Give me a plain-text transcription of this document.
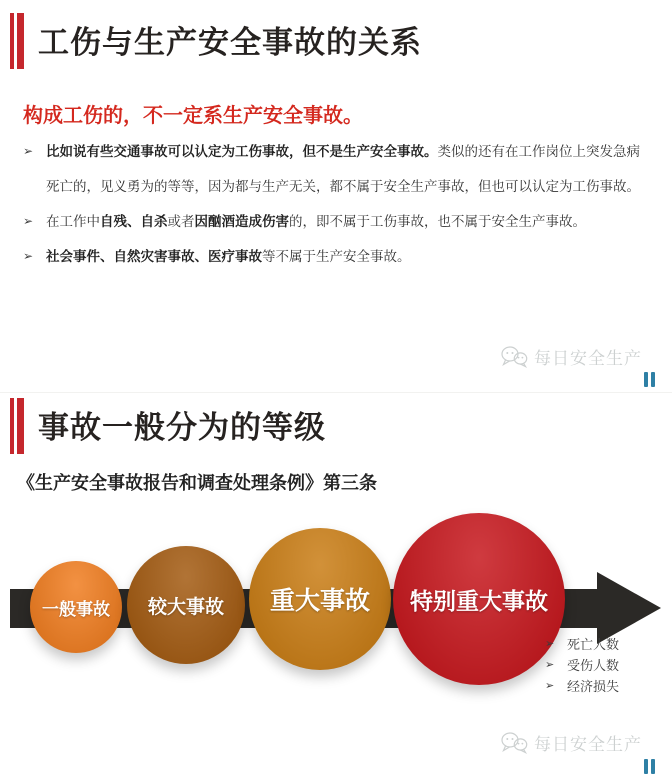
工伤与生产安全事故的关系

构成工伤的，不一定系生产安全事故。

➢ 比如说有些交通事故可以认定为工伤事故，但不是生产安全事故。类似的还有在工作岗位上突发急病死亡的，见义勇为的等等，因为都与生产无关，都不属于安全生产事故，但也可以认定为工伤事故。
➢ 在工作中自残、自杀或者因酗酒造成伤害的，即不属于工伤事故，也不属于安全生产事故。
➢ 社会事件、自然灾害事故、医疗事故等不属于生产安全事故。
每日安全生产
事故一般分为的等级

《生产安全事故报告和调查处理条例》第三条

一般事故 较大事故 重大事故 特别重大事故
➢ 死亡人数
➢ 受伤人数
➢ 经济损失
每日安全生产
